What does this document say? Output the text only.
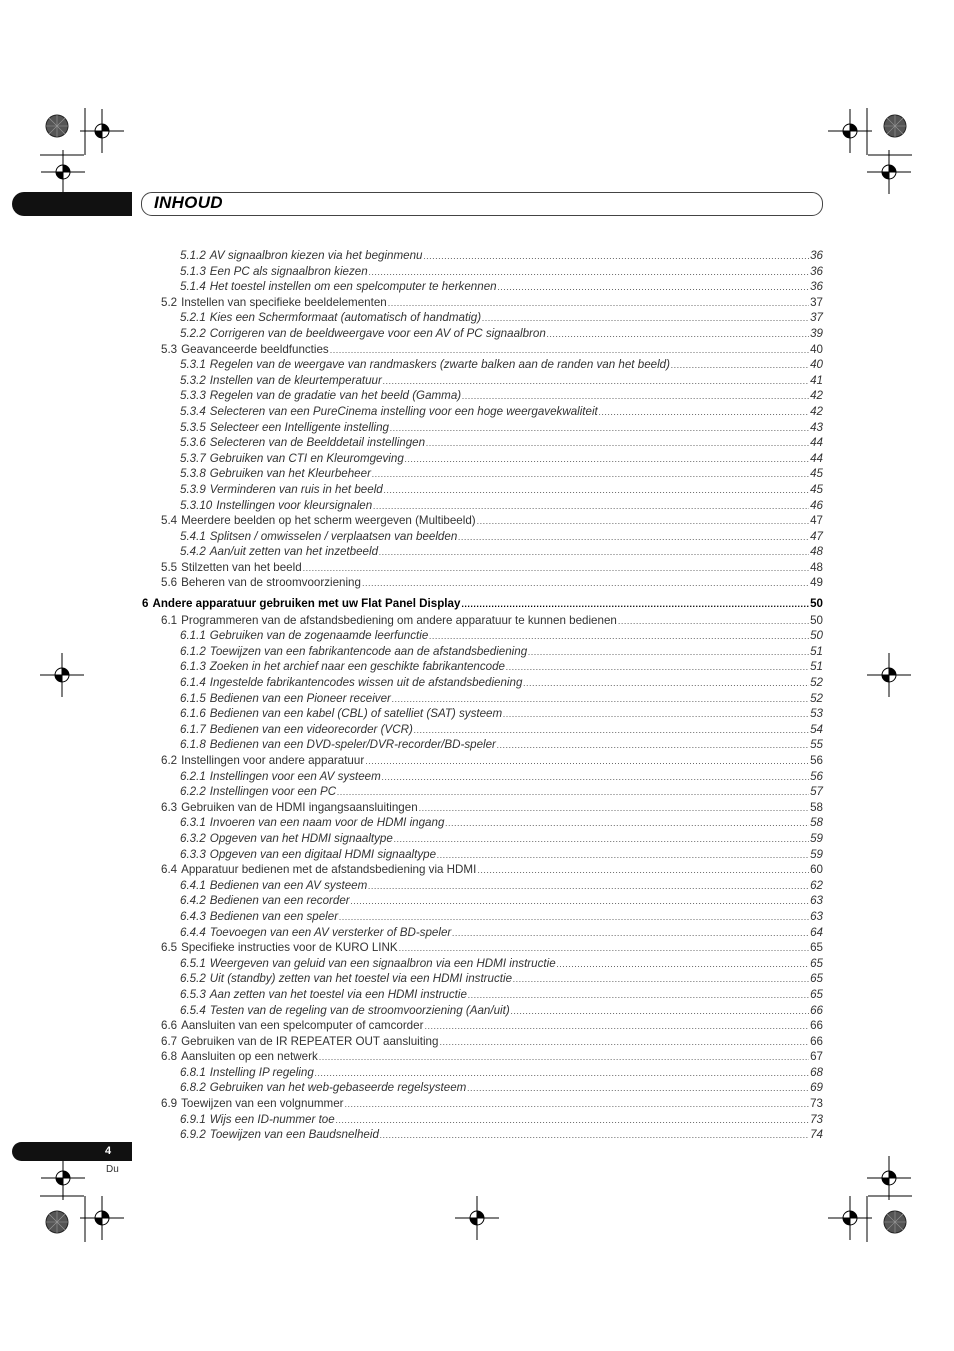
INHOUD
5.1.2 AV signaalbron kiezen via het beginmenu .....	36
5.1.3 Een PC als signaalbron kiezen .....	36
5.1.4 Het toestel instellen om een spelcomputer te herkennen .....	36
5.2 Instellen van specifieke beeldelementen .....	37
5.2.1 Kies een Schermformaat (automatisch of handmatig) .....	37
5.2.2 Corrigeren van de beeldweergave voor een AV of PC signaalbron .....	39
5.3 Geavanceerde beeldfuncties .....	40
5.3.1 Regelen van de weergave van randmaskers (zwarte balken aan de randen van het beeld) .....	40
5.3.2 Instellen van de kleurtemperatuur .....	41
5.3.3 Regelen van de gradatie van het beeld (Gamma) .....	42
5.3.4 Selecteren van een PureCinema instelling voor een hoge weergavekwaliteit .....	42
5.3.5 Selecteer een Intelligente instelling .....	43
5.3.6 Selecteren van de Beelddetail instellingen .....	44
5.3.7 Gebruiken van CTI en Kleuromgeving .....	44
5.3.8 Gebruiken van het Kleurbeheer .....	45
5.3.9 Verminderen van ruis in het beeld .....	45
5.3.10 Instellingen voor kleursignalen .....	46
5.4 Meerdere beelden op het scherm weergeven (Multibeeld) .....	47
5.4.1 Splitsen / omwisselen / verplaatsen van beelden .....	47
5.4.2 Aan/uit zetten van het inzetbeeld .....	48
5.5 Stilzetten van het beeld .....	48
5.6 Beheren van de stroomvoorziening .....	49
6 Andere apparatuur gebruiken met uw Flat Panel Display .....	50
6.1 Programmeren van de afstandsbediening om andere apparatuur te kunnen bedienen .....	50
6.1.1 Gebruiken van de zogenaamde leerfunctie .....	50
6.1.2 Toewijzen van een fabrikantencode aan de afstandsbediening .....	51
6.1.3 Zoeken in het archief naar een geschikte fabrikantencode .....	51
6.1.4 Ingestelde fabrikantencodes wissen uit de afstandsbediening .....	52
6.1.5 Bedienen van een Pioneer receiver .....	52
6.1.6 Bedienen van een kabel (CBL) of satelliet (SAT) systeem .....	53
6.1.7 Bedienen van een videorecorder (VCR) .....	54
6.1.8 Bedienen van een DVD-speler/DVR-recorder/BD-speler .....	55
6.2 Instellingen voor andere apparatuur .....	56
6.2.1 Instellingen voor een AV systeem .....	56
6.2.2 Instellingen voor een PC .....	57
6.3 Gebruiken van de HDMI ingangsaansluitingen .....	58
6.3.1 Invoeren van een naam voor de HDMI ingang .....	58
6.3.2 Opgeven van het HDMI signaaltype .....	59
6.3.3 Opgeven van een digitaal HDMI signaaltype .....	59
6.4 Apparatuur bedienen met de afstandsbediening via HDMI .....	60
6.4.1 Bedienen van een AV systeem .....	62
6.4.2 Bedienen van een recorder .....	63
6.4.3 Bedienen van een speler .....	63
6.4.4 Toevoegen van een AV versterker of BD-speler .....	64
6.5 Specifieke instructies voor de KURO LINK .....	65
6.5.1 Weergeven van geluid van een signaalbron via een HDMI instructie .....	65
6.5.2 Uit (standby) zetten van het toestel via een HDMI instructie .....	65
6.5.3 Aan zetten van het toestel via een HDMI instructie .....	65
6.5.4 Testen van de regeling van de stroomvoorziening (Aan/uit) .....	66
6.6 Aansluiten van een spelcomputer of camcorder .....	66
6.7 Gebruiken van de IR REPEATER OUT aansluiting .....	66
6.8 Aansluiten op een netwerk .....	67
6.8.1 Instelling IP regeling .....	68
6.8.2 Gebruiken van het web-gebaseerde regelsysteem .....	69
6.9 Toewijzen van een volgnummer .....	73
6.9.1 Wijs een ID-nummer toe .....	73
6.9.2 Toewijzen van een Baudsnelheid .....	74
4
Du
